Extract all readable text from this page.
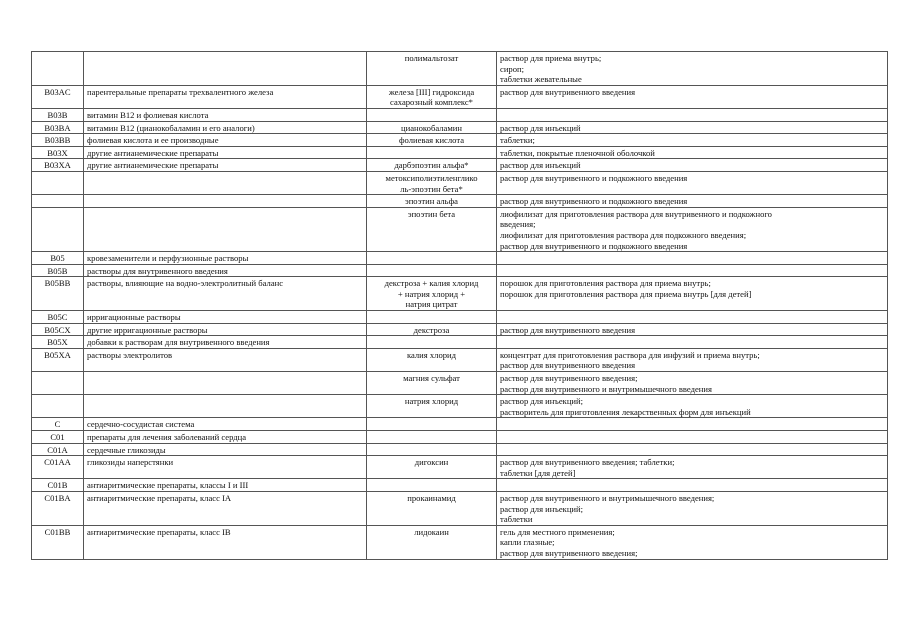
		полимальтозат	раствор для приема внутрь;
сироп;
таблетки жевательные

B03AC	парентеральные препараты трехвалентного железа	железа [III] гидроксида
сахарозный комплекс*	раствор для внутривенного введения

B03B	витамин B12 и фолиевая кислота		
B03BA	витамин B12 (цианокобаламин и его аналоги)	цианокобаламин	раствор для инъекций

B03BB	фолиевая кислота и ее производные	фолиевая кислота	таблетки;

B03X	другие антианемические препараты		таблетки, покрытые пленочной оболочкой

B03XA	другие антианемические препараты	дарбэпоэтин альфа*	раствор для инъекций

		метоксиполиэтиленглико
ль-эпоэтин бета*	раствор для внутривенного и подкожного введения

		эпоэтин альфа	раствор для внутривенного и подкожного введения

		эпоэтин бета	лиофилизат для приготовления раствора для внутривенного и подкожного
введения;
лиофилизат для приготовления раствора для подкожного введения;
раствор для внутривенного и подкожного введения

B05	кровезаменители и перфузионные растворы		
B05B	растворы для внутривенного введения		
B05BB	растворы, влияющие на водно-электролитный баланс	декстроза + калия хлорид
+ натрия хлорид +
натрия цитрат	порошок для приготовления раствора для приема внутрь;
порошок для приготовления раствора для приема внутрь [для детей]

B05C	ирригационные растворы		
B05CX	другие ирригационные растворы	декстроза	раствор для внутривенного введения

B05X	добавки к растворам для внутривенного введения		
B05XA	растворы электролитов	калия хлорид	концентрат для приготовления раствора для инфузий и приема внутрь;
раствор для внутривенного введения

		магния сульфат	раствор для внутривенного введения;
раствор для внутривенного и внутримышечного введения

		натрия хлорид	раствор для инъекций;
растворитель для приготовления лекарственных форм для инъекций

C	сердечно-сосудистая система		
C01	препараты для лечения заболеваний сердца		
C01A	сердечные гликозиды		
C01AA	гликозиды наперстянки	дигоксин	раствор для внутривенного введения; таблетки;
таблетки [для детей]

C01B	антиаритмические препараты, классы I и III		
C01BA	антиаритмические препараты, класс IA	прокаинамид	раствор для внутривенного и внутримышечного введения;
раствор для инъекций;
таблетки

C01BB	антиаритмические препараты, класс IB	лидокаин	гель для местного применения;
капли глазные;
раствор для внутривенного введения;
